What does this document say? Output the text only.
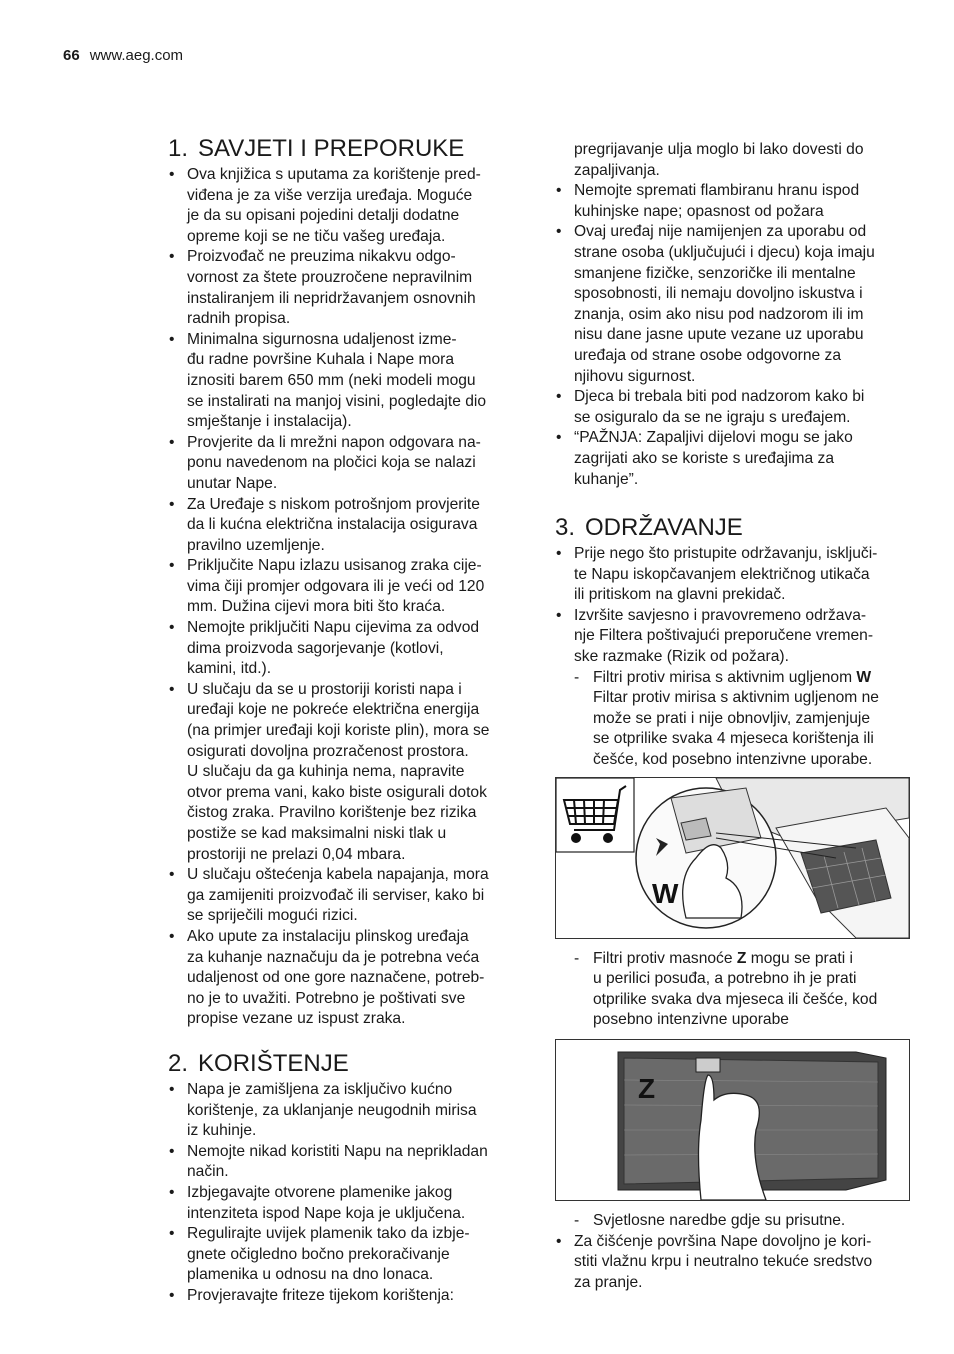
66 www.aeg.com
1. SAVJETI I PREPORUKE
• Ova knjižica s uputama za korištenje pred-
viđena je za više verzija uređaja. Moguće
je da su opisani pojedini detalji dodatne
opreme koji se ne tiču vašeg uređaja.
• Proizvođač ne preuzima nikakvu odgo-
vornost za štete prouzročene nepravilnim
instaliranjem ili nepridržavanjem osnovnih
radnih propisa.
• Minimalna sigurnosna udaljenost izme-
đu radne površine Kuhala i Nape mora
iznositi barem 650 mm (neki modeli mogu
se instalirati na manjoj visini, pogledajte dio
smještanje i instalacija).
• Provjerite da li mrežni napon odgovara na-
ponu navedenom na pločici koja se nalazi
unutar Nape.
• Za Uređaje s niskom potrošnjom provjerite
da li kućna električna instalacija osigurava
pravilno uzemljenje.
• Priključite Napu izlazu usisanog zraka cije-
vima čiji promjer odgovara ili je veći od 120
mm. Dužina cijevi mora biti što kraća.
• Nemojte priključiti Napu cijevima za odvod
dima proizvoda sagorjevanje (kotlovi,
kamini, itd.).
• U slučaju da se u prostoriji koristi napa i
uređaji koje ne pokreće električna energija
(na primjer uređaji koji koriste plin), mora se
osigurati dovoljna prozračenost prostora.
U slučaju da ga kuhinja nema, napravite
otvor prema vani, kako biste osigurali dotok
čistog zraka. Pravilno korištenje bez rizika
postiže se kad maksimalni niski tlak u
prostoriji ne prelazi 0,04 mbara.
• U slučaju oštećenja kabela napajanja, mora
ga zamijeniti proizvođač ili serviser, kako bi
se spriječili mogući rizici.
• Ako upute za instalaciju plinskog uređaja
za kuhanje naznačuju da je potrebna veća
udaljenost od one gore naznačene, potreb-
no je to uvažiti. Potrebno je poštivati sve
propise vezane uz ispust zraka.
2. KORIŠTENJE
• Napa je zamišljena za isključivo kućno
korištenje, za uklanjanje neugodnih mirisa
iz kuhinje.
• Nemojte nikad koristiti Napu na neprikladan
način.
• Izbjegavajte otvorene plamenike jakog
intenziteta ispod Nape koja je uključena.
• Regulirajte uvijek plamenik tako da izbje-
gnete očigledno bočno prekoračivanje
plamenika u odnosu na dno lonaca.
• Provjeravajte friteze tijekom korištenja:
pregrijavanje ulja moglo bi lako dovesti do
zapaljivanja.
• Nemojte spremati flambiranu hranu ispod
kuhinjske nape; opasnost od požara
• Ovaj uređaj nije namijenjen za uporabu od
strane osoba (uključujući i djecu) koja imaju
smanjene fizičke, senzoričke ili mentalne
sposobnosti, ili nemaju dovoljno iskustva i
znanja, osim ako nisu pod nadzorom ili im
nisu dane jasne upute vezane uz uporabu
uređaja od strane osobe odgovorne za
njihovu sigurnost.
• Djeca bi trebala biti pod nadzorom kako bi
se osiguralo da se ne igraju s uređajem.
• “PAŽNJA: Zapaljivi dijelovi mogu se jako
zagrijati ako se koriste s uređajima za
kuhanje”.
3. ODRŽAVANJE
• Prije nego što pristupite održavanju, isključi-
te Napu iskopčavanjem električnog utikača
ili pritiskom na glavni prekidač.
• Izvršite savjesno i pravovremeno održava-
nje Filtera poštivajući preporučene vremen-
ske razmake (Rizik od požara).
- Filtri protiv mirisa s aktivnim ugljenom W
Filtar protiv mirisa s aktivnim ugljenom ne
može se prati i nije obnovljiv, zamjenjuje
se otprilike svaka 4 mjeseca korištenja ili
češće, kod posebno intenzivne uporabe.
W
- Filtri protiv masnoće Z mogu se prati i
u perilici posuđa, a potrebno ih je prati
otprilike svaka dva mjeseca ili češće, kod
posebno intenzivne uporabe
Z
- Svjetlosne naredbe gdje su prisutne.
• Za čišćenje površina Nape dovoljno je kori-
stiti vlažnu krpu i neutralno tekuće sredstvo
za pranje.
